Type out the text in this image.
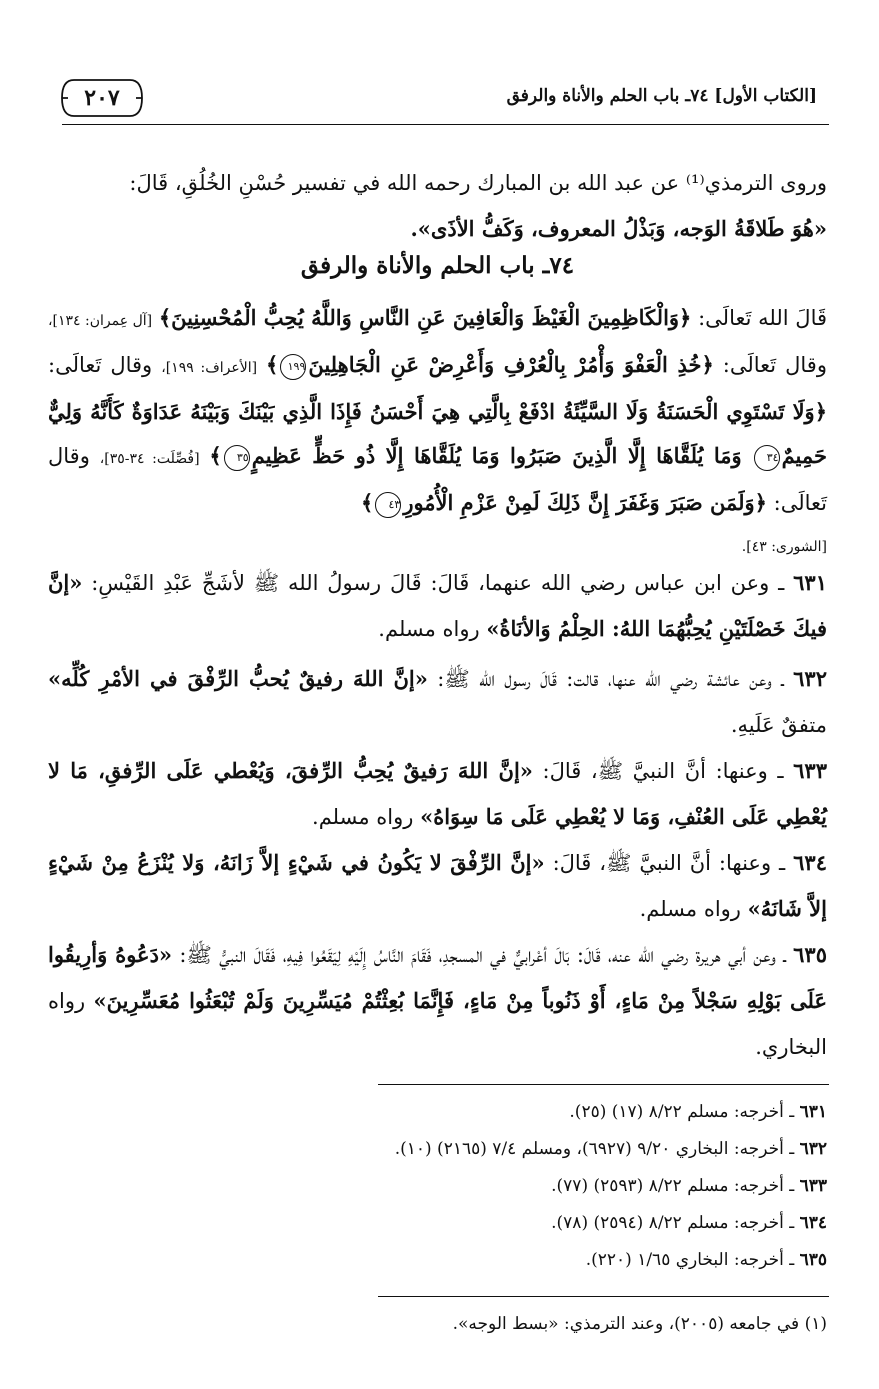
[الكتاب الأول] ٧٤ـ باب الحلم والأناة والرفق
٢٠٧
وروى الترمذي⁽¹⁾ عن عبد الله بن المبارك رحمه الله في تفسير حُسْنِ الخُلُقِ، قَالَ:
«هُوَ طَلاقَةُ الوَجه، وَبَذْلُ المعروف، وَكَفُّ الأذَى».
٧٤ـ باب الحلم والأناة والرفق
قَالَ الله تَعالَى: ﴿وَالْكَاظِمِينَ الْغَيْظَ وَالْعَافِينَ عَنِ النَّاسِ وَاللَّهُ يُحِبُّ الْمُحْسِنِينَ﴾ [آل عِمران: ١٣٤]، وقال تَعالَى: ﴿خُذِ الْعَفْوَ وَأْمُرْ بِالْعُرْفِ وَأَعْرِضْ عَنِ الْجَاهِلِينَ١٩٩﴾ [الأعراف: ١٩٩]، وقال تَعالَى: ﴿وَلَا تَسْتَوِي الْحَسَنَةُ وَلَا السَّيِّئَةُ ادْفَعْ بِالَّتِي هِيَ أَحْسَنُ فَإِذَا الَّذِي بَيْنَكَ وَبَيْنَهُ عَدَاوَةٌ كَأَنَّهُ وَلِيٌّ حَمِيمٌ٣٤ وَمَا يُلَقَّاهَا إِلَّا الَّذِينَ صَبَرُوا وَمَا يُلَقَّاهَا إِلَّا ذُو حَظٍّ عَظِيمٍ٣٥﴾ [فُصِّلَت: ٣٤-٣٥]، وقال تَعالَى: ﴿وَلَمَن صَبَرَ وَغَفَرَ إِنَّ ذَلِكَ لَمِنْ عَزْمِ الْأُمُورِ٤٣﴾
[الشورى: ٤٣].
٦٣١ ـ وعن ابن عباس رضي الله عنهما، قَالَ: قَالَ رسولُ الله ﷺ لأشَجِّ عَبْدِ القَيْسِ: «إنَّ فيكَ خَصْلَتَيْنِ يُحِبُّهُمَا اللهُ: الحِلْمُ وَالأنَاةُ» رواه مسلم.
٦٣٢ ـ وعن عائشة رضي الله عنها، قالت: قَالَ رسول الله ﷺ: «إنَّ اللهَ رفيقٌ يُحبُّ الرِّفْقَ في الأمْرِ كُلِّه» متفقٌ عَلَيهِ.
٦٣٣ ـ وعنها: أنَّ النبيَّ ﷺ، قَالَ: «إنَّ اللهَ رَفيقٌ يُحِبُّ الرِّفقَ، وَيُعْطي عَلَى الرِّفقِ، مَا لا يُعْطِي عَلَى العُنْفِ، وَمَا لا يُعْطِي عَلَى مَا سِوَاهُ» رواه مسلم.
٦٣٤ ـ وعنها: أنَّ النبيَّ ﷺ، قَالَ: «إنَّ الرِّفْقَ لا يَكُونُ في شَيْءٍ إلاَّ زَانَهُ، وَلا يُنْزَعُ مِنْ شَيْءٍ إلاَّ شَانَهُ» رواه مسلم.
٦٣٥ ـ وعن أبي هريرة رضي الله عنه، قَالَ: بَالَ أعْرابيٌّ في المسجدِ، فَقَامَ النَّاسُ إِلَيْهِ لِيَقَعُوا فِيهِ، فَقَالَ النبيُّ ﷺ: «دَعُوهُ وَأرِيقُوا عَلَى بَوْلِهِ سَجْلاً مِنْ مَاءٍ، أَوْ ذَنُوباً مِنْ مَاءٍ، فَإِنَّمَا بُعِثْتُمْ مُيَسِّرِينَ وَلَمْ تُبْعَثُوا مُعَسِّرِينَ» رواه البخاري.
٦٣١ ـ أخرجه: مسلم ٨/٢٢ (١٧) (٢٥).
٦٣٢ ـ أخرجه: البخاري ٩/٢٠ (٦٩٢٧)، ومسلم ٧/٤ (٢١٦٥) (١٠).
٦٣٣ ـ أخرجه: مسلم ٨/٢٢ (٢٥٩٣) (٧٧).
٦٣٤ ـ أخرجه: مسلم ٨/٢٢ (٢٥٩٤) (٧٨).
٦٣٥ ـ أخرجه: البخاري ١/٦٥ (٢٢٠).
(١) في جامعه (٢٠٠٥)، وعند الترمذي: «بسط الوجه».
